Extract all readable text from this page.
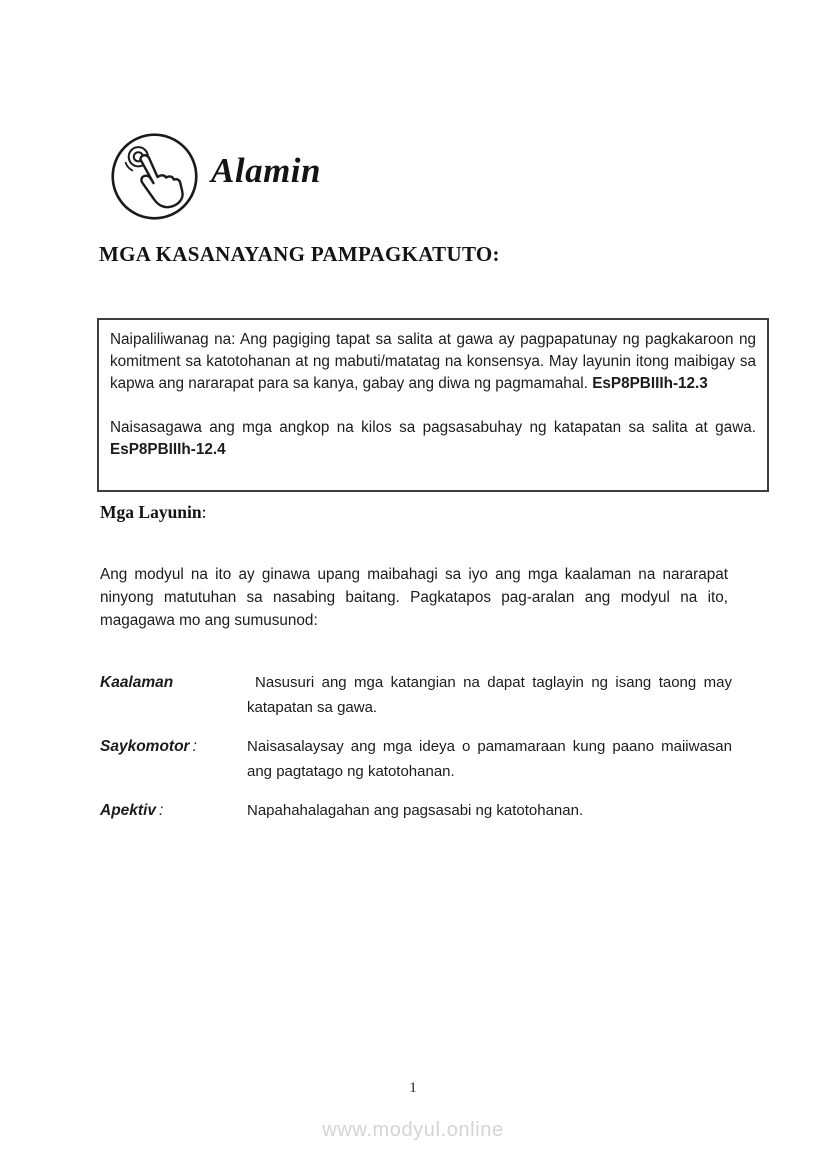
Alamin
MGA KASANAYANG PAMPAGKATUTO:

Naipaliliwanag na: Ang pagiging tapat sa salita at gawa ay pagpapatunay ng pagkakaroon ng komitment sa katotohanan at ng mabuti/matatag na konsensya. May layunin itong maibigay sa kapwa ang nararapat para sa kanya, gabay ang diwa ng pagmamahal. EsP8PBIIIh-12.3

Naisasagawa ang mga angkop na kilos sa pagsasabuhay ng katapatan sa salita at gawa. EsP8PBIIIh-12.4

Mga Layunin:

Ang modyul na ito ay ginawa upang maibahagi sa iyo ang mga kaalaman na nararapat ninyong matutuhan sa nasabing baitang. Pagkatapos pag-aralan ang modyul na ito, magagawa mo ang sumusunod:

Kaalaman	Nasusuri ang mga katangian na dapat taglayin ng isang taong may katapatan sa gawa.
Saykomotor :	Naisasalaysay ang mga ideya o pamamaraan kung paano maiiwasan ang pagtatago ng katotohanan.
Apektiv :	Napahahalagahan ang pagsasabi ng katotohanan.
1
www.modyul.online
